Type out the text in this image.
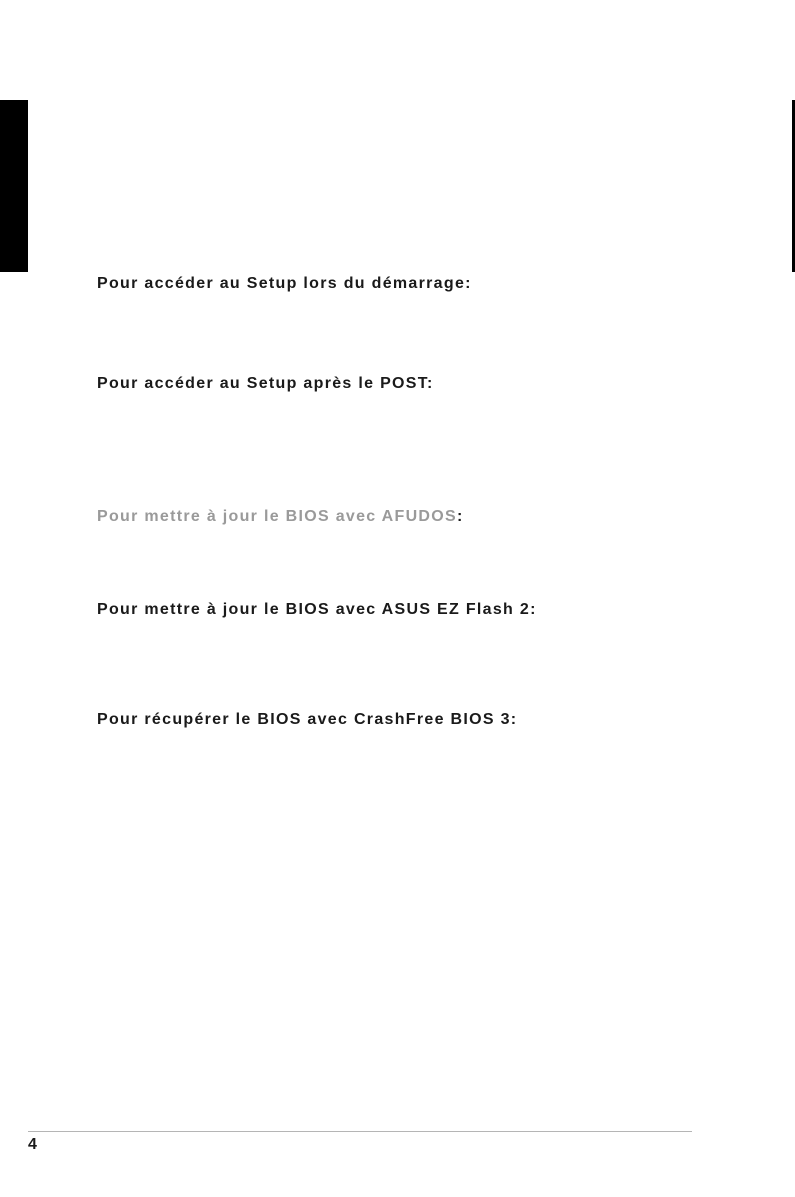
Pour accéder au Setup lors du démarrage:
Pour accéder au Setup après le POST:
Pour mettre à jour le BIOS avec AFUDOS:
Pour mettre à jour le BIOS avec ASUS EZ Flash 2:
Pour récupérer le BIOS avec CrashFree BIOS 3:
4
